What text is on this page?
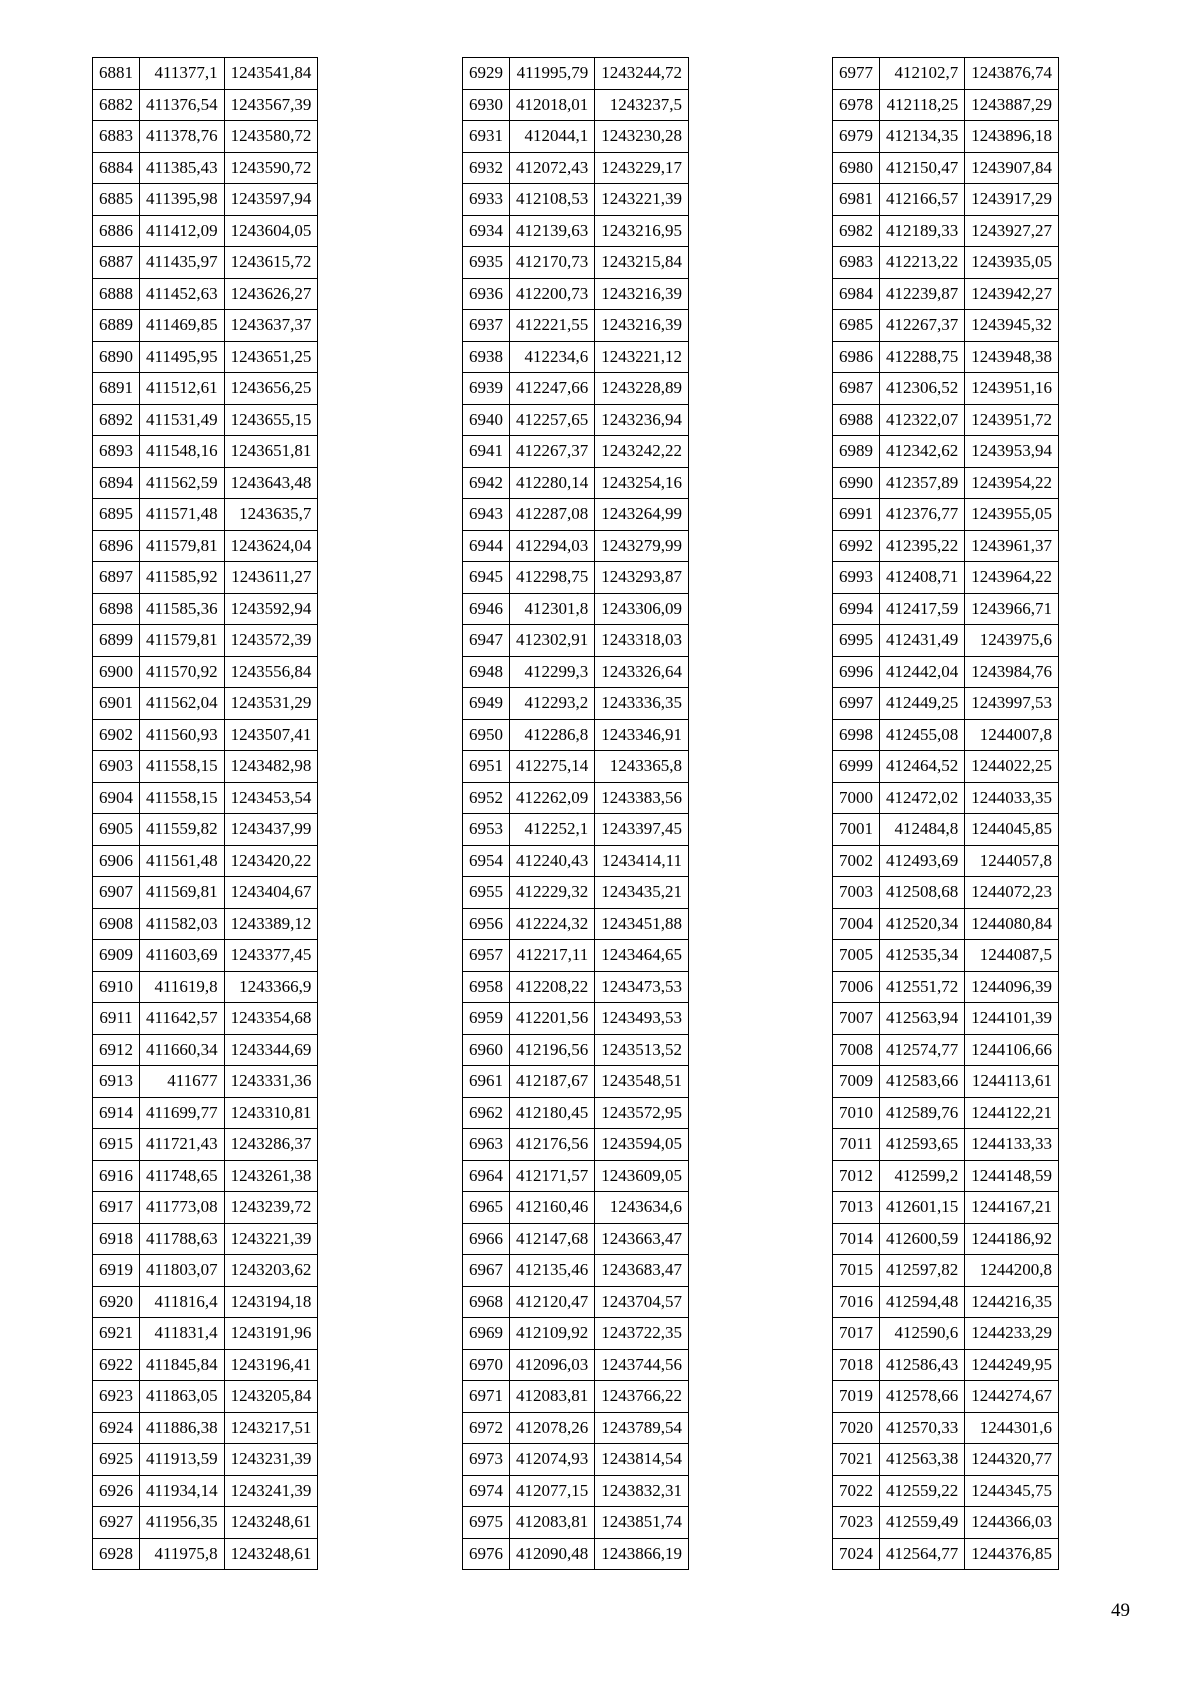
6881	411377,1	1243541,84
6882	411376,54	1243567,39
6883	411378,76	1243580,72
6884	411385,43	1243590,72
6885	411395,98	1243597,94
6886	411412,09	1243604,05
6887	411435,97	1243615,72
6888	411452,63	1243626,27
6889	411469,85	1243637,37
6890	411495,95	1243651,25
6891	411512,61	1243656,25
6892	411531,49	1243655,15
6893	411548,16	1243651,81
6894	411562,59	1243643,48
6895	411571,48	1243635,7
6896	411579,81	1243624,04
6897	411585,92	1243611,27
6898	411585,36	1243592,94
6899	411579,81	1243572,39
6900	411570,92	1243556,84
6901	411562,04	1243531,29
6902	411560,93	1243507,41
6903	411558,15	1243482,98
6904	411558,15	1243453,54
6905	411559,82	1243437,99
6906	411561,48	1243420,22
6907	411569,81	1243404,67
6908	411582,03	1243389,12
6909	411603,69	1243377,45
6910	411619,8	1243366,9
6911	411642,57	1243354,68
6912	411660,34	1243344,69
6913	411677	1243331,36
6914	411699,77	1243310,81
6915	411721,43	1243286,37
6916	411748,65	1243261,38
6917	411773,08	1243239,72
6918	411788,63	1243221,39
6919	411803,07	1243203,62
6920	411816,4	1243194,18
6921	411831,4	1243191,96
6922	411845,84	1243196,41
6923	411863,05	1243205,84
6924	411886,38	1243217,51
6925	411913,59	1243231,39
6926	411934,14	1243241,39
6927	411956,35	1243248,61
6928	411975,8	1243248,61
6929	411995,79	1243244,72
6930	412018,01	1243237,5
6931	412044,1	1243230,28
6932	412072,43	1243229,17
6933	412108,53	1243221,39
6934	412139,63	1243216,95
6935	412170,73	1243215,84
6936	412200,73	1243216,39
6937	412221,55	1243216,39
6938	412234,6	1243221,12
6939	412247,66	1243228,89
6940	412257,65	1243236,94
6941	412267,37	1243242,22
6942	412280,14	1243254,16
6943	412287,08	1243264,99
6944	412294,03	1243279,99
6945	412298,75	1243293,87
6946	412301,8	1243306,09
6947	412302,91	1243318,03
6948	412299,3	1243326,64
6949	412293,2	1243336,35
6950	412286,8	1243346,91
6951	412275,14	1243365,8
6952	412262,09	1243383,56
6953	412252,1	1243397,45
6954	412240,43	1243414,11
6955	412229,32	1243435,21
6956	412224,32	1243451,88
6957	412217,11	1243464,65
6958	412208,22	1243473,53
6959	412201,56	1243493,53
6960	412196,56	1243513,52
6961	412187,67	1243548,51
6962	412180,45	1243572,95
6963	412176,56	1243594,05
6964	412171,57	1243609,05
6965	412160,46	1243634,6
6966	412147,68	1243663,47
6967	412135,46	1243683,47
6968	412120,47	1243704,57
6969	412109,92	1243722,35
6970	412096,03	1243744,56
6971	412083,81	1243766,22
6972	412078,26	1243789,54
6973	412074,93	1243814,54
6974	412077,15	1243832,31
6975	412083,81	1243851,74
6976	412090,48	1243866,19
6977	412102,7	1243876,74
6978	412118,25	1243887,29
6979	412134,35	1243896,18
6980	412150,47	1243907,84
6981	412166,57	1243917,29
6982	412189,33	1243927,27
6983	412213,22	1243935,05
6984	412239,87	1243942,27
6985	412267,37	1243945,32
6986	412288,75	1243948,38
6987	412306,52	1243951,16
6988	412322,07	1243951,72
6989	412342,62	1243953,94
6990	412357,89	1243954,22
6991	412376,77	1243955,05
6992	412395,22	1243961,37
6993	412408,71	1243964,22
6994	412417,59	1243966,71
6995	412431,49	1243975,6
6996	412442,04	1243984,76
6997	412449,25	1243997,53
6998	412455,08	1244007,8
6999	412464,52	1244022,25
7000	412472,02	1244033,35
7001	412484,8	1244045,85
7002	412493,69	1244057,8
7003	412508,68	1244072,23
7004	412520,34	1244080,84
7005	412535,34	1244087,5
7006	412551,72	1244096,39
7007	412563,94	1244101,39
7008	412574,77	1244106,66
7009	412583,66	1244113,61
7010	412589,76	1244122,21
7011	412593,65	1244133,33
7012	412599,2	1244148,59
7013	412601,15	1244167,21
7014	412600,59	1244186,92
7015	412597,82	1244200,8
7016	412594,48	1244216,35
7017	412590,6	1244233,29
7018	412586,43	1244249,95
7019	412578,66	1244274,67
7020	412570,33	1244301,6
7021	412563,38	1244320,77
7022	412559,22	1244345,75
7023	412559,49	1244366,03
7024	412564,77	1244376,85
49
